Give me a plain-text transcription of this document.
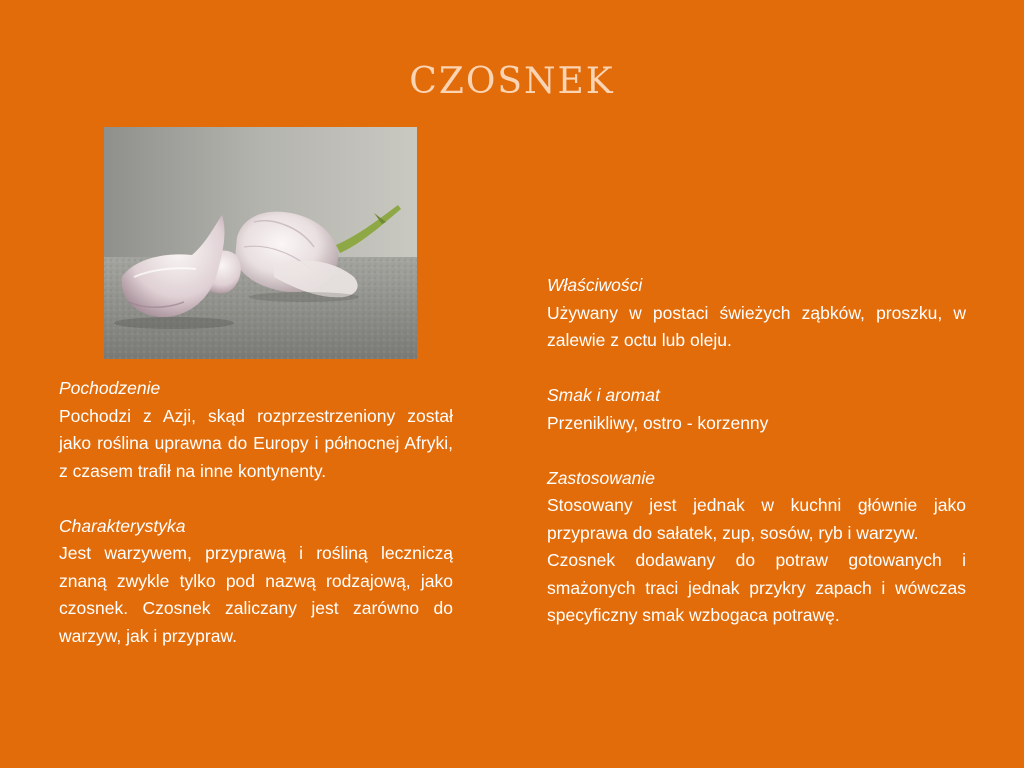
czosnek
Pochodzenie
Pochodzi z Azji, skąd rozprzestrzeniony został jako roślina uprawna do Europy i północnej Afryki, z czasem trafił na inne kontynenty.
Charakterystyka
Jest warzywem, przyprawą i rośliną leczniczą znaną zwykle tylko pod nazwą rodzajową, jako czosnek. Czosnek zaliczany jest zarówno do warzyw, jak i przypraw.
Właściwości
Używany w postaci świeżych ząbków, proszku, w zalewie z octu lub oleju.
Smak i aromat
Przenikliwy, ostro - korzenny
Zastosowanie
Stosowany jest jednak w kuchni głównie jako przyprawa do sałatek, zup, sosów, ryb i warzyw.
Czosnek dodawany do potraw gotowanych i smażonych traci jednak przykry zapach i wówczas specyficzny smak wzbogaca potrawę.
